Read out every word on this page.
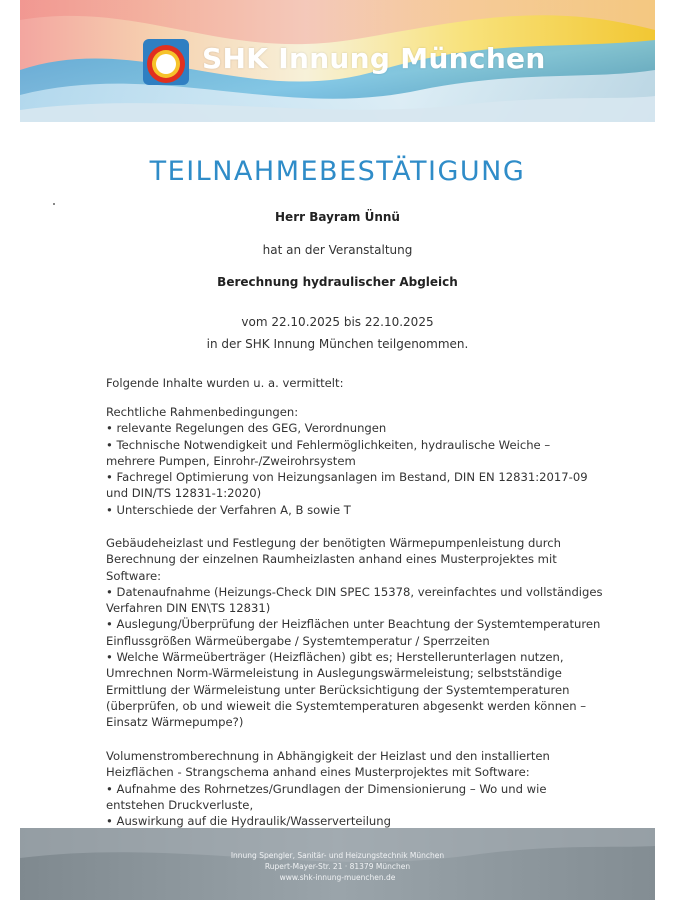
SHK Innung München
TEILNAHMEBESTÄTIGUNG
Herr Bayram Ünnü
hat an der Veranstaltung
Berechnung hydraulischer Abgleich
vom 22.10.2025 bis 22.10.2025
in der SHK Innung München teilgenommen.
Folgende Inhalte wurden u. a. vermittelt:
Rechtliche Rahmenbedingungen:
• relevante Regelungen des GEG, Verordnungen
• Technische Notwendigkeit und Fehlermöglichkeiten, hydraulische Weiche –
mehrere Pumpen, Einrohr-/Zweirohrsystem
• Fachregel Optimierung von Heizungsanlagen im Bestand, DIN EN 12831:2017-09
und DIN/TS 12831-1:2020)
• Unterschiede der Verfahren A, B sowie T
Gebäudeheizlast und Festlegung der benötigten Wärmepumpenleistung durch
Berechnung der einzelnen Raumheizlasten anhand eines Musterprojektes mit
Software:
• Datenaufnahme (Heizungs-Check DIN SPEC 15378, vereinfachtes und vollständiges
Verfahren DIN EN\TS 12831)
• Auslegung/Überprüfung der Heizflächen unter Beachtung der Systemtemperaturen
Einflussgrößen Wärmeübergabe / Systemtemperatur / Sperrzeiten
• Welche Wärmeüberträger (Heizflächen) gibt es; Herstellerunterlagen nutzen,
Umrechnen Norm-Wärmeleistung in Auslegungswärmeleistung; selbstständige
Ermittlung der Wärmeleistung unter Berücksichtigung der Systemtemperaturen
(überprüfen, ob und wieweit die Systemtemperaturen abgesenkt werden können –
Einsatz Wärmepumpe?)
Volumenstromberechnung in Abhängigkeit der Heizlast und den installierten
Heizflächen - Strangschema anhand eines Musterprojektes mit Software:
• Aufnahme des Rohrnetzes/Grundlagen der Dimensionierung – Wo und wie
entstehen Druckverluste,
• Auswirkung auf die Hydraulik/Wasserverteilung
Innung Spengler, Sanitär- und Heizungstechnik München
Rupert-Mayer-Str. 21 · 81379 München
www.shk-innung-muenchen.de
